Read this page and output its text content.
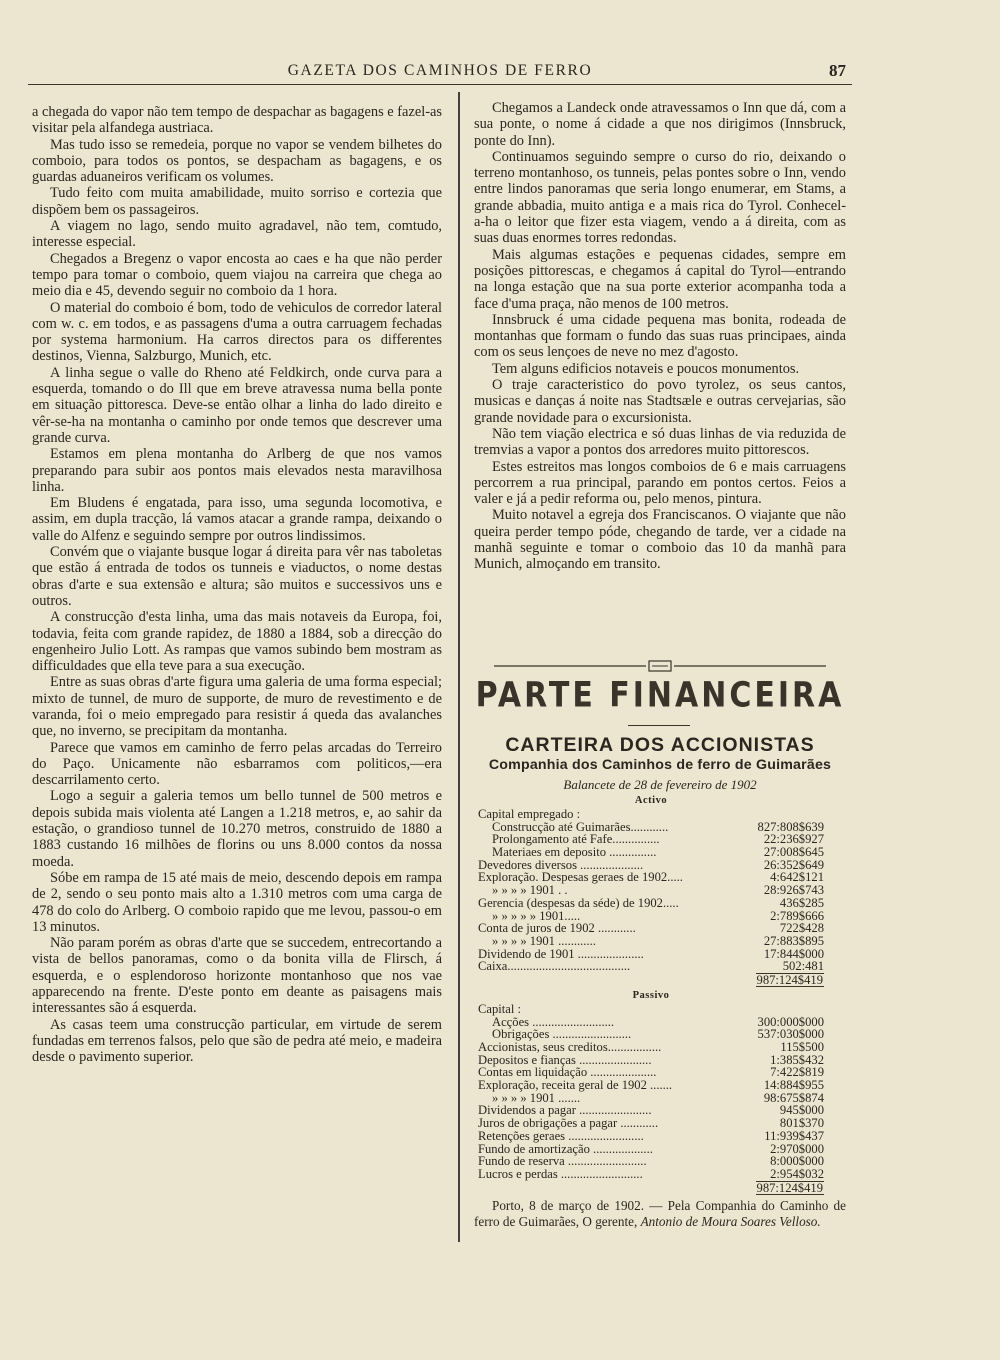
GAZETA DOS CAMINHOS DE FERRO	87

a chegada do vapor não tem tempo de despachar as bagagens e fazel-as visitar pela alfandega austriaca.

Mas tudo isso se remedeia, porque no vapor se vendem bilhetes do comboio, para todos os pontos, se despacham as bagagens, e os guardas aduaneiros verificam os volumes.

Tudo feito com muita amabilidade, muito sorriso e cortezia que dispõem bem os passageiros.

A viagem no lago, sendo muito agradavel, não tem, comtudo, interesse especial.

Chegados a Bregenz o vapor encosta ao caes e ha que não perder tempo para tomar o comboio, quem viajou na carreira que chega ao meio dia e 45, devendo seguir no comboio da 1 hora.

O material do comboio é bom, todo de vehiculos de corredor lateral com w. c. em todos, e as passagens d'uma a outra carruagem fechadas por systema harmonium. Ha carros directos para os differentes destinos, Vienna, Salzburgo, Munich, etc.

A linha segue o valle do Rheno até Feldkirch, onde curva para a esquerda, tomando o do Ill que em breve atravessa numa bella ponte em situação pittoresca. Deve-se então olhar a linha do lado direito e vêr-se-ha na montanha o caminho por onde temos que descrever uma grande curva.

Estamos em plena montanha do Arlberg de que nos vamos preparando para subir aos pontos mais elevados nesta maravilhosa linha.

Em Bludens é engatada, para isso, uma segunda locomotiva, e assim, em dupla tracção, lá vamos atacar a grande rampa, deixando o valle do Alfenz e seguindo sempre por outros lindissimos.

Convém que o viajante busque logar á direita para vêr nas taboletas que estão á entrada de todos os tunneis e viaductos, o nome destas obras d'arte e sua extensão e altura; são muitos e successivos uns e outros.

A construcção d'esta linha, uma das mais notaveis da Europa, foi, todavia, feita com grande rapidez, de 1880 a 1884, sob a direcção do engenheiro Julio Lott. As rampas que vamos subindo bem mostram as difficuldades que ella teve para a sua execução.

Entre as suas obras d'arte figura uma galeria de uma forma especial; mixto de tunnel, de muro de supporte, de muro de revestimento e de varanda, foi o meio empregado para resistir á queda das avalanches que, no inverno, se precipitam da montanha.

Parece que vamos em caminho de ferro pelas arcadas do Terreiro do Paço. Unicamente não esbarramos com politicos,—era descarrilamento certo.

Logo a seguir a galeria temos um bello tunnel de 500 metros e depois subida mais violenta até Langen a 1.218 metros, e, ao sahir da estação, o grandioso tunnel de 10.270 metros, construido de 1880 a 1883 custando 16 milhões de florins ou uns 8.000 contos da nossa moeda.

Sóbe em rampa de 15 até mais de meio, descendo depois em rampa de 2, sendo o seu ponto mais alto a 1.310 metros com uma carga de 478 do colo do Arlberg. O comboio rapido que me levou, passou-o em 13 minutos.

Não param porém as obras d'arte que se succedem, entrecortando a vista de bellos panoramas, como o da bonita villa de Flirsch, á esquerda, e o esplendoroso horizonte montanhoso que nos vae apparecendo na frente. D'este ponto em deante as paisagens mais interessantes são á esquerda.

As casas teem uma construcção particular, em virtude de serem fundadas em terrenos falsos, pelo que são de pedra até meio, e madeira desde o pavimento superior.

Chegamos a Landeck onde atravessamos o Inn que dá, com a sua ponte, o nome á cidade a que nos dirigimos (Innsbruck, ponte do Inn).

Continuamos seguindo sempre o curso do rio, deixando o terreno montanhoso, os tunneis, pelas pontes sobre o Inn, vendo entre lindos panoramas que seria longo enumerar, em Stams, a grande abbadia, muito antiga e a mais rica do Tyrol. Conhecel-a-ha o leitor que fizer esta viagem, vendo a á direita, com as suas duas enormes torres redondas.

Mais algumas estações e pequenas cidades, sempre em posições pittorescas, e chegamos á capital do Tyrol—entrando na longa estação que na sua porte exterior acompanha toda a face d'uma praça, não menos de 100 metros.

Innsbruck é uma cidade pequena mas bonita, rodeada de montanhas que formam o fundo das suas ruas principaes, ainda com os seus lençoes de neve no mez d'agosto.

Tem alguns edificios notaveis e poucos monumentos.

O traje caracteristico do povo tyrolez, os seus cantos, musicas e danças á noite nas Stadtsæle e outras cervejarias, são grande novidade para o excursionista.

Não tem viação electrica e só duas linhas de via reduzida de tremvias a vapor a pontos dos arredores muito pittorescos.

Estes estreitos mas longos comboios de 6 e mais carruagens percorrem a rua principal, parando em pontos certos. Feios a valer e já a pedir reforma ou, pelo menos, pintura.

Muito notavel a egreja dos Franciscanos. O viajante que não queira perder tempo póde, chegando de tarde, ver a cidade na manhã seguinte e tomar o comboio das 10 da manhã para Munich, almoçando em transito.

PARTE FINANCEIRA
CARTEIRA DOS ACCIONISTAS
Companhia dos Caminhos de ferro de Guimarães
Balancete de 28 de fevereiro de 1902
Activo
Capital empregado :
Construcção até Guimarães............	827:808$639
Prolongamento até Fafe...............	22:236$927
Materiaes em deposito ...............	27:008$645
Devedores diversos ....................	26:352$649
Exploração. Despesas geraes de 1902.....	4:642$121
» » » » 1901 . .	28:926$743
Gerencia (despesas da séde) de 1902.....	436$285
» » » » » 1901.....	2:789$666
Conta de juros de 1902 ............	722$428
» » » » 1901 ............	27:883$895
Dividendo de 1901 .....................	17:844$000
Caixa.......................................	502:481
987:124$419
Passivo
Capital :
Acções ..........................	300:000$000
Obrigações .........................	537:030$000
Accionistas, seus creditos.................	115$500
Depositos e fianças .......................	1:385$432
Contas em liquidação .....................	7:422$819
Exploração, receita geral de 1902 .......	14:884$955
» » » » 1901 .......	98:675$874
Dividendos a pagar .......................	945$000
Juros de obrigações a pagar ............	801$370
Retenções geraes ........................	11:939$437
Fundo de amortização ...................	2:970$000
Fundo de reserva .........................	8:000$000
Lucros e perdas ..........................	2:954$032
987:124$419

Porto, 8 de março de 1902. — Pela Companhia do Caminho de ferro de Guimarães, O gerente, Antonio de Moura Soares Velloso.
